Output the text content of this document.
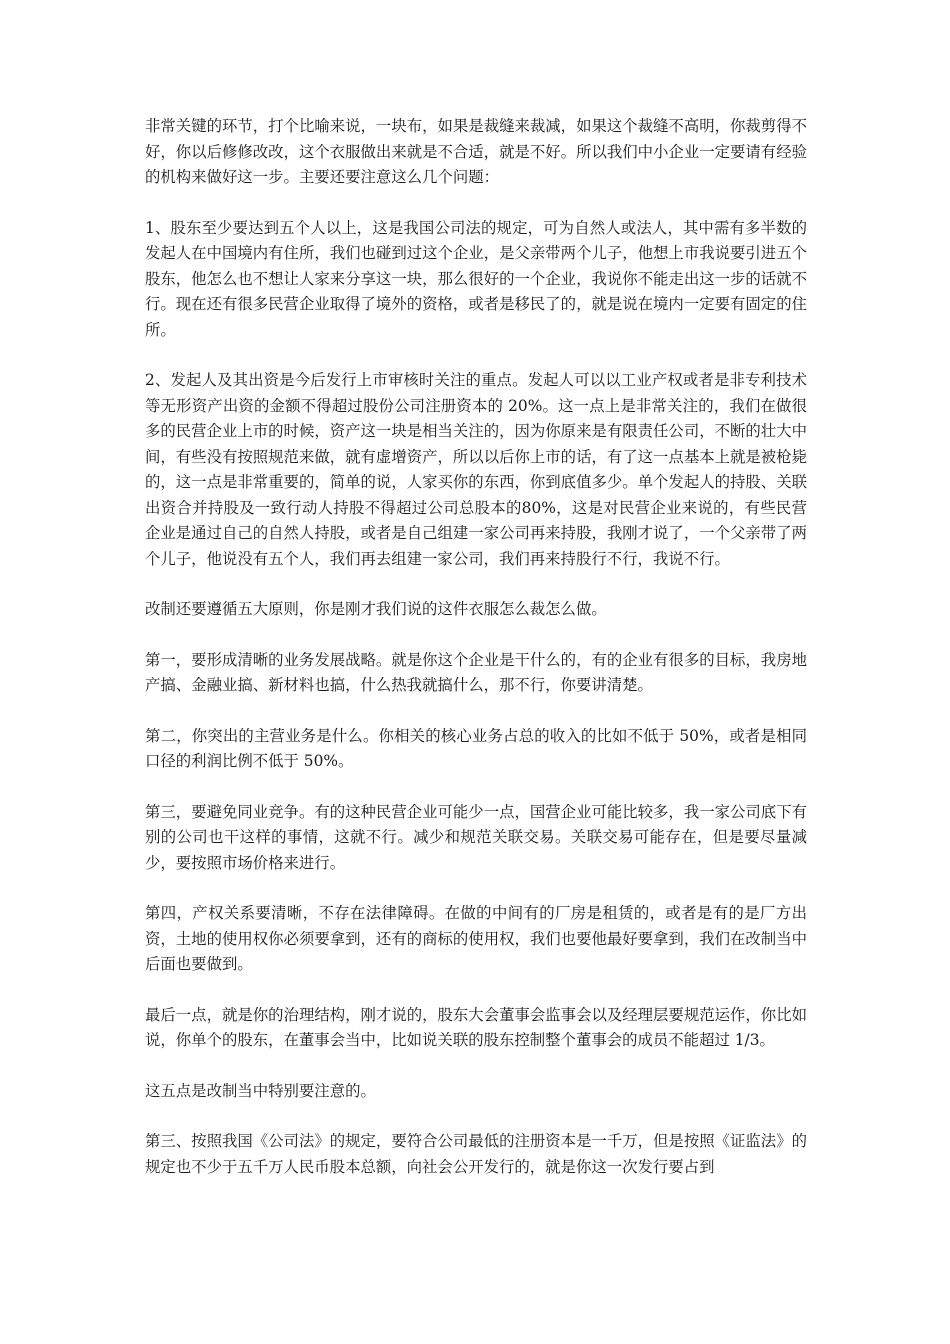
非常关键的环节，打个比喻来说，一块布，如果是裁缝来裁减，如果这个裁缝不高明，你裁剪得不好，你以后修修改改，这个衣服做出来就是不合适，就是不好。所以我们中小企业一定要请有经验的机构来做好这一步。主要还要注意这么几个问题：

1、股东至少要达到五个人以上，这是我国公司法的规定，可为自然人或法人，其中需有多半数的发起人在中国境内有住所，我们也碰到过这个企业，是父亲带两个儿子，他想上市我说要引进五个股东，他怎么也不想让人家来分享这一块，那么很好的一个企业，我说你不能走出这一步的话就不行。现在还有很多民营企业取得了境外的资格，或者是移民了的，就是说在境内一定要有固定的住所。

2、发起人及其出资是今后发行上市审核时关注的重点。发起人可以以工业产权或者是非专利技术等无形资产出资的金额不得超过股份公司注册资本的 20%。这一点上是非常关注的，我们在做很多的民营企业上市的时候，资产这一块是相当关注的，因为你原来是有限责任公司，不断的壮大中间，有些没有按照规范来做，就有虚增资产，所以以后你上市的话，有了这一点基本上就是被枪毙的，这一点是非常重要的，简单的说，人家买你的东西，你到底值多少。单个发起人的持股、关联出资合并持股及一致行动人持股不得超过公司总股本的80%，这是对民营企业来说的，有些民营企业是通过自己的自然人持股，或者是自己组建一家公司再来持股，我刚才说了，一个父亲带了两个儿子，他说没有五个人，我们再去组建一家公司，我们再来持股行不行，我说不行。

改制还要遵循五大原则，你是刚才我们说的这件衣服怎么裁怎么做。

第一，要形成清晰的业务发展战略。就是你这个企业是干什么的，有的企业有很多的目标，我房地产搞、金融业搞、新材料也搞，什么热我就搞什么，那不行，你要讲清楚。

第二，你突出的主营业务是什么。你相关的核心业务占总的收入的比如不低于 50%，或者是相同口径的利润比例不低于 50%。

第三，要避免同业竞争。有的这种民营企业可能少一点，国营企业可能比较多，我一家公司底下有别的公司也干这样的事情，这就不行。减少和规范关联交易。关联交易可能存在，但是要尽量减少，要按照市场价格来进行。

第四，产权关系要清晰，不存在法律障碍。在做的中间有的厂房是租赁的，或者是有的是厂方出资，土地的使用权你必须要拿到，还有的商标的使用权，我们也要他最好要拿到，我们在改制当中后面也要做到。

最后一点，就是你的治理结构，刚才说的，股东大会董事会监事会以及经理层要规范运作，你比如说，你单个的股东，在董事会当中，比如说关联的股东控制整个董事会的成员不能超过 1/3。

这五点是改制当中特别要注意的。

第三、按照我国《公司法》的规定，要符合公司最低的注册资本是一千万，但是按照《证监法》的规定也不少于五千万人民币股本总额，向社会公开发行的，就是你这一次发行要占到
